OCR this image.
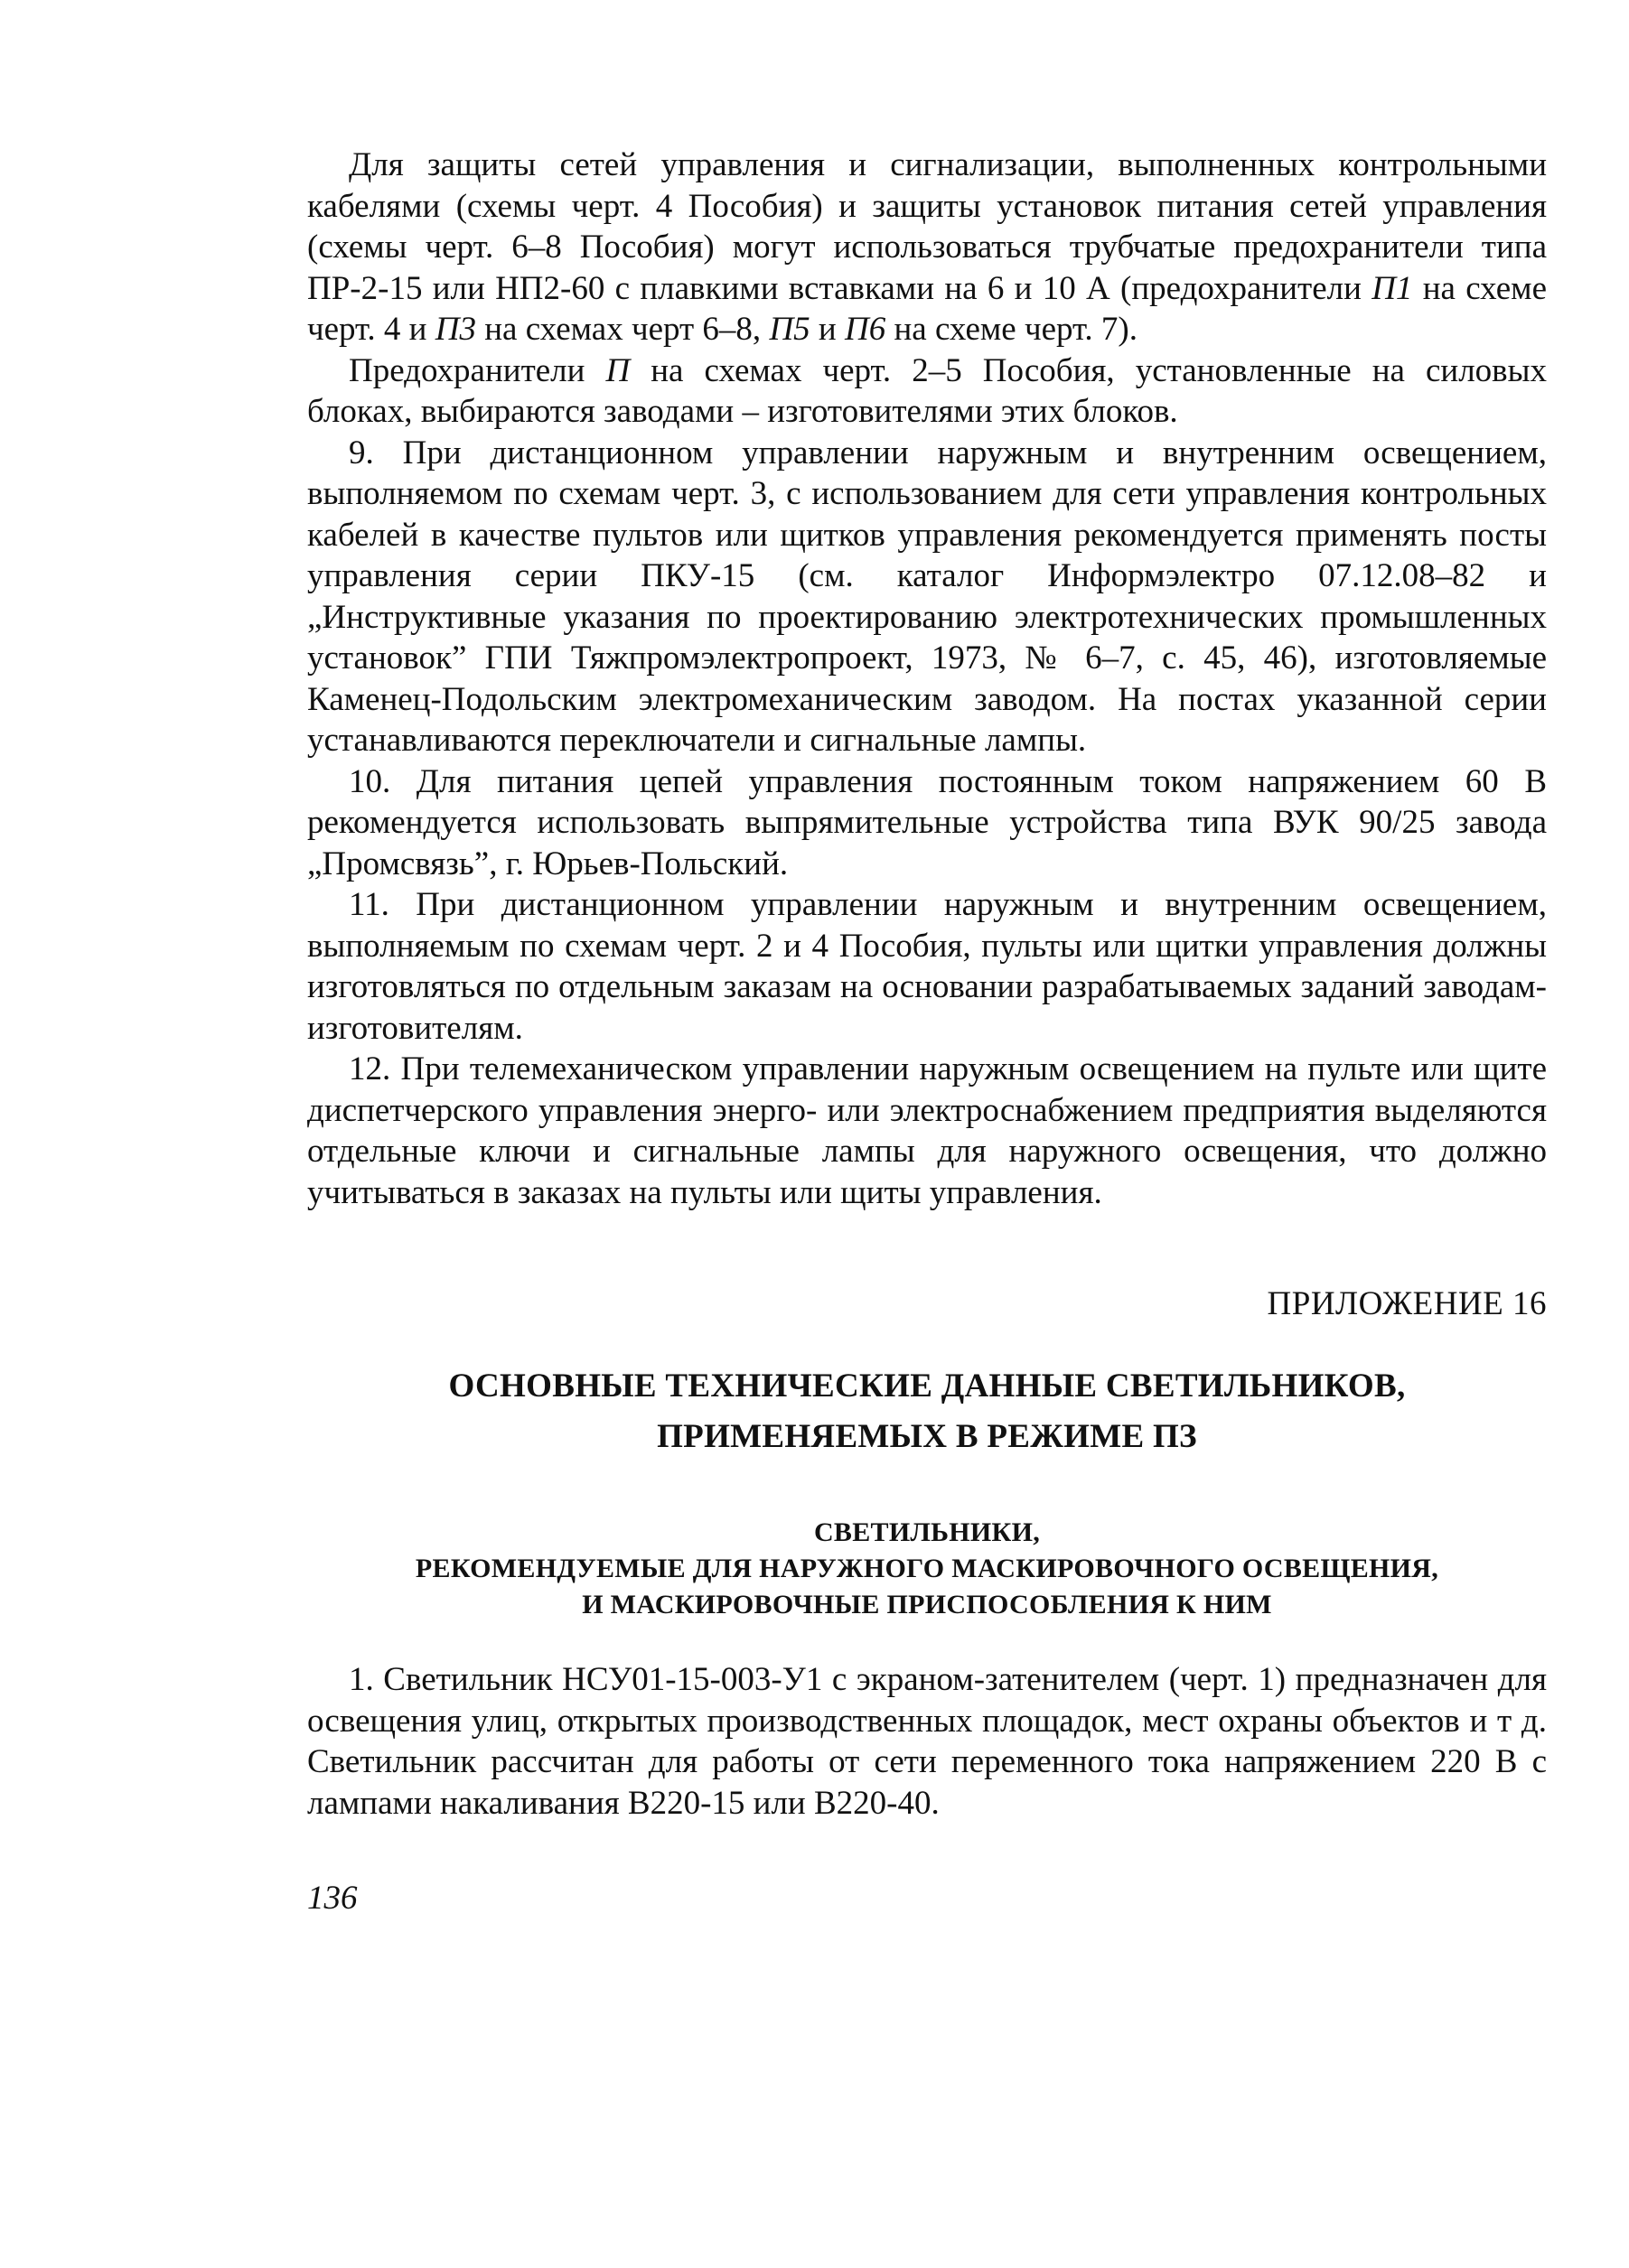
Для защиты сетей управления и сигнализации, выполненных контрольными кабелями (схемы черт. 4 Пособия) и защиты установок питания сетей управления (схемы черт. 6–8 Пособия) могут использоваться трубчатые предохранители типа ПР-2-15 или НП2-60 с плавкими вставками на 6 и 10 А (предохранители П1 на схеме черт. 4 и П3 на схемах черт 6–8, П5 и П6 на схеме черт. 7).

Предохранители П на схемах черт. 2–5 Пособия, установленные на силовых блоках, выбираются заводами – изготовителями этих блоков.

9. При дистанционном управлении наружным и внутренним освещением, выполняемом по схемам черт. 3, с использованием для сети управления контрольных кабелей в качестве пультов или щитков управления рекомендуется применять посты управления серии ПКУ-15 (см. каталог Информэлектро 07.12.08–82 и „Инструктивные указания по проектированию электротехнических промышленных установок” ГПИ Тяжпромэлектропроект, 1973, № 6–7, с. 45, 46), изготовляемые Каменец-Подольским электромеханическим заводом. На постах указанной серии устанавливаются переключатели и сигнальные лампы.

10. Для питания цепей управления постоянным током напряжением 60 В рекомендуется использовать выпрямительные устройства типа ВУК 90/25 завода „Промсвязь”, г. Юрьев-Польский.

11. При дистанционном управлении наружным и внутренним освещением, выполняемым по схемам черт. 2 и 4 Пособия, пульты или щитки управления должны изготовляться по отдельным заказам на основании разрабатываемых заданий заводам-изготовителям.

12. При телемеханическом управлении наружным освещением на пульте или щите диспетчерского управления энерго- или электроснабжением предприятия выделяются отдельные ключи и сигнальные лампы для наружного освещения, что должно учитываться в заказах на пульты или щиты управления.

ПРИЛОЖЕНИЕ 16
ОСНОВНЫЕ ТЕХНИЧЕСКИЕ ДАННЫЕ СВЕТИЛЬНИКОВ,
ПРИМЕНЯЕМЫХ В РЕЖИМЕ ПЗ
СВЕТИЛЬНИКИ,
РЕКОМЕНДУЕМЫЕ ДЛЯ НАРУЖНОГО МАСКИРОВОЧНОГО ОСВЕЩЕНИЯ,
И МАСКИРОВОЧНЫЕ ПРИСПОСОБЛЕНИЯ К НИМ

1. Светильник НСУ01-15-003-У1 с экраном-затенителем (черт. 1) предназначен для освещения улиц, открытых производственных площадок, мест охраны объектов и т д. Светильник рассчитан для работы от сети переменного тока напряжением 220 В с лампами накаливания В220-15 или В220-40.

136
